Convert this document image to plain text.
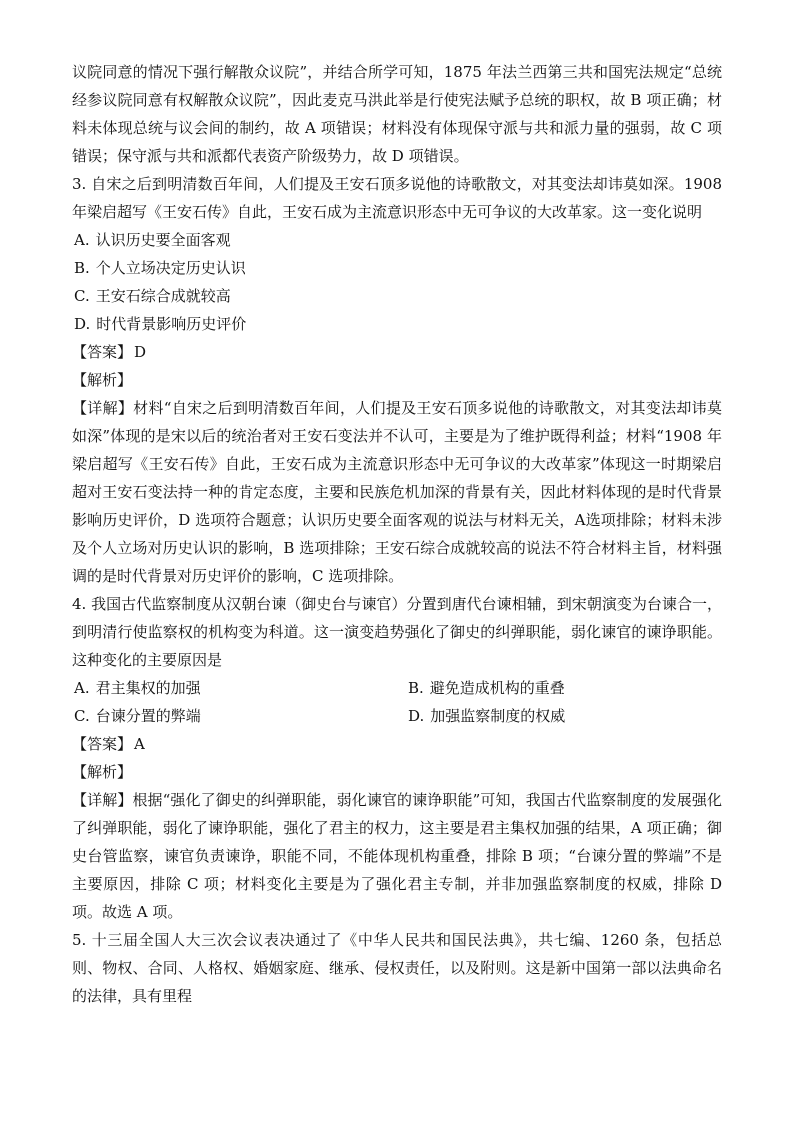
议院同意的情况下强行解散众议院”，并结合所学可知，1875 年法兰西第三共和国宪法规定“总统经参议院同意有权解散众议院”，因此麦克马洪此举是行使宪法赋予总统的职权，故 B 项正确；材料未体现总统与议会间的制约，故 A 项错误；材料没有体现保守派与共和派力量的强弱，故 C 项错误；保守派与共和派都代表资产阶级势力，故 D 项错误。

3. 自宋之后到明清数百年间，人们提及王安石顶多说他的诗歌散文，对其变法却讳莫如深。1908 年梁启超写《王安石传》自此，王安石成为主流意识形态中无可争议的大改革家。这一变化说明

A. 认识历史要全面客观
B. 个人立场决定历史认识
C. 王安石综合成就较高
D. 时代背景影响历史评价
【答案】 D
【解析】

【详解】材料“自宋之后到明清数百年间，人们提及王安石顶多说他的诗歌散文，对其变法却讳莫如深”体现的是宋以后的统治者对王安石变法并不认可，主要是为了维护既得利益；材料“1908 年梁启超写《王安石传》自此，王安石成为主流意识形态中无可争议的大改革家”体现这一时期梁启超对王安石变法持一种的肯定态度，主要和民族危机加深的背景有关，因此材料体现的是时代背景影响历史评价，D 选项符合题意；认识历史要全面客观的说法与材料无关，A选项排除；材料未涉及个人立场对历史认识的影响，B 选项排除；王安石综合成就较高的说法不符合材料主旨，材料强调的是时代背景对历史评价的影响，C 选项排除。

4. 我国古代监察制度从汉朝台谏（御史台与谏官）分置到唐代台谏相辅，到宋朝演变为台谏合一，到明清行使监察权的机构变为科道。这一演变趋势强化了御史的纠弹职能，弱化谏官的谏诤职能。这种变化的主要原因是

A. 君主集权的加强	B. 避免造成机构的重叠
C. 台谏分置的弊端	D. 加强监察制度的权威
【答案】 A
【解析】

【详解】根据“强化了御史的纠弹职能，弱化谏官的谏诤职能”可知，我国古代监察制度的发展强化了纠弹职能，弱化了谏诤职能，强化了君主的权力，这主要是君主集权加强的结果，A 项正确；御史台管监察，谏官负责谏诤，职能不同，不能体现机构重叠，排除 B 项；“台谏分置的弊端”不是主要原因，排除 C 项；材料变化主要是为了强化君主专制，并非加强监察制度的权威，排除 D 项。故选 A 项。

5. 十三届全国人大三次会议表决通过了《中华人民共和国民法典》，共七编、1260 条，包括总则、物权、合同、人格权、婚姻家庭、继承、侵权责任，以及附则。这是新中国第一部以法典命名的法律，具有里程
